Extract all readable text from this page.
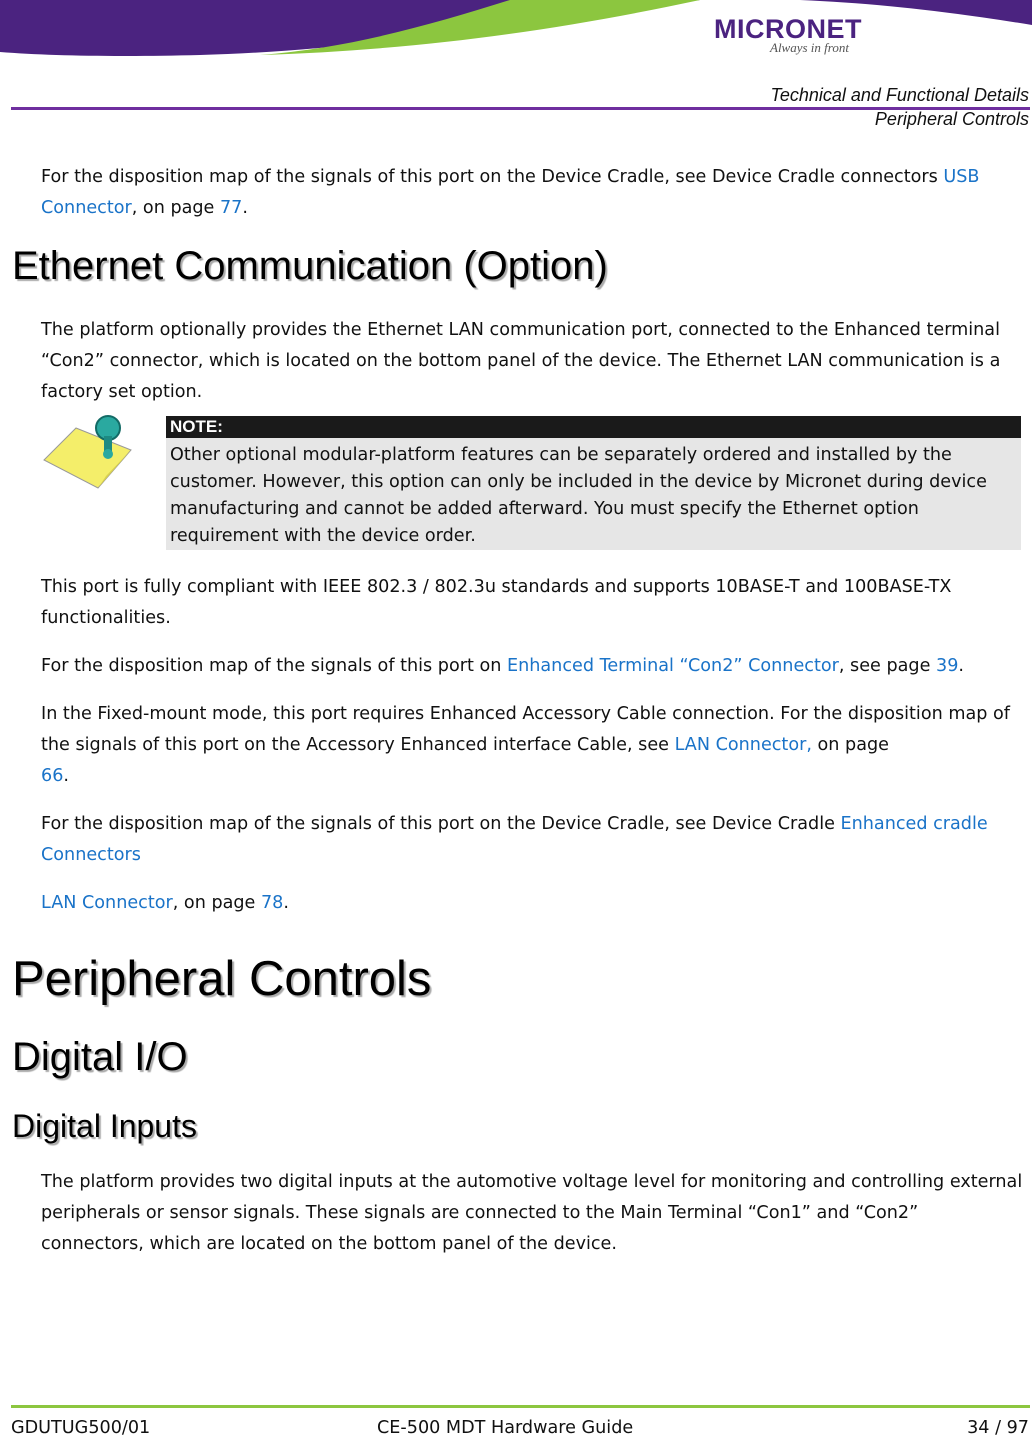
MICRONET
Always in front
Technical and Functional Details
Peripheral Controls
For the disposition map of the signals of this port on the Device Cradle, see Device Cradle connectors USB Connector, on page 77.
Ethernet Communication (Option)
The platform optionally provides the Ethernet LAN communication port, connected to the Enhanced terminal “Con2” connector, which is located on the bottom panel of the device. The Ethernet LAN communication is a factory set option.
NOTE:
Other optional modular-platform features can be separately ordered and installed by the customer. However, this option can only be included in the device by Micronet during device manufacturing and cannot be added afterward. You must specify the Ethernet option requirement with the device order.
This port is fully compliant with IEEE 802.3 / 802.3u standards and supports 10BASE-T and 100BASE-TX functionalities.
For the disposition map of the signals of this port on Enhanced Terminal “Con2” Connector, see page 39.
In the Fixed-mount mode, this port requires Enhanced Accessory Cable connection. For the disposition map of the signals of this port on the Accessory Enhanced interface Cable, see LAN Connector, on page
66.
For the disposition map of the signals of this port on the Device Cradle, see Device Cradle Enhanced cradle Connectors
LAN Connector, on page 78.
Peripheral Controls
Digital I/O
Digital Inputs
The platform provides two digital inputs at the automotive voltage level for monitoring and controlling external peripherals or sensor signals. These signals are connected to the Main Terminal “Con1” and “Con2” connectors, which are located on the bottom panel of the device.
GDUTUG500/01	CE-500 MDT Hardware Guide	34 / 97
